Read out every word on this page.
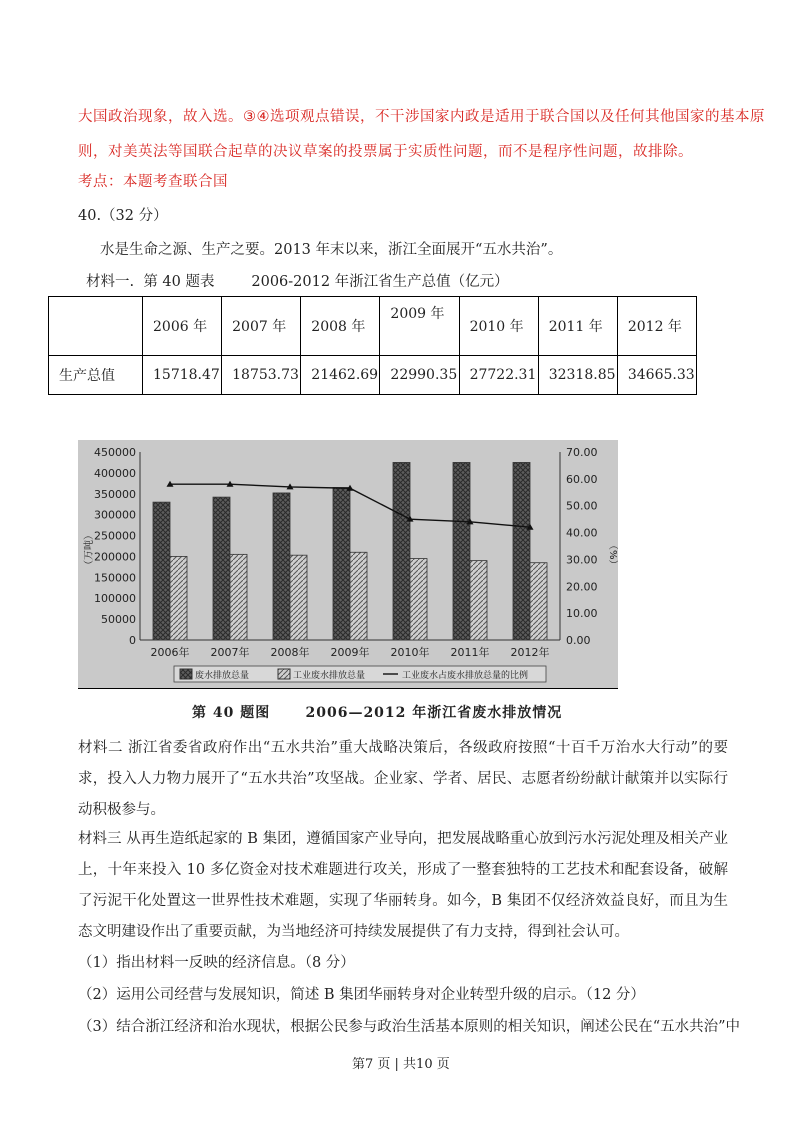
大国政治现象，故入选。③④选项观点错误，不干涉国家内政是适用于联合国以及任何其他国家的基本原
则，对美英法等国联合起草的决议草案的投票属于实质性问题，而不是程序性问题，故排除。
考点：本题考查联合国
40.（32 分）
水是生命之源、生产之要。2013 年末以来，浙江全面展开“五水共治”。
材料一.  第 40 题表        2006-2012 年浙江省生产总值（亿元）
	2006 年	2007 年	2008 年	2009 年	2010 年	2011 年	2012 年
生产总值	15718.47	18753.73	21462.69	22990.35	27722.31	32318.85	34665.33
0
50000
100000
150000
200000
250000
300000
350000
400000
450000
0.00
10.00
20.00
30.00
40.00
50.00
60.00
70.00
（万吨）	（%）
2006年 2007年 2008年 2009年 2010年 2011年 2012年
废水排放总量	工业废水排放总量	工业废水占废水排放总量的比例
第 40 题图      2006—2012 年浙江省废水排放情况
材料二 浙江省委省政府作出“五水共治”重大战略决策后，各级政府按照“十百千万治水大行动”的要求，投入人力物力展开了“五水共治”攻坚战。企业家、学者、居民、志愿者纷纷献计献策并以实际行动积极参与。
材料三 从再生造纸起家的 B 集团，遵循国家产业导向，把发展战略重心放到污水污泥处理及相关产业上，十年来投入 10 多亿资金对技术难题进行攻关，形成了一整套独特的工艺技术和配套设备，破解了污泥干化处置这一世界性技术难题，实现了华丽转身。如今，B 集团不仅经济效益良好，而且为生态文明建设作出了重要贡献，为当地经济可持续发展提供了有力支持，得到社会认可。
（1）指出材料一反映的经济信息。（8 分）
（2）运用公司经营与发展知识，简述 B 集团华丽转身对企业转型升级的启示。（12 分）
（3）结合浙江经济和治水现状，根据公民参与政治生活基本原则的相关知识，阐述公民在“五水共治”中
第7 页 | 共10 页
